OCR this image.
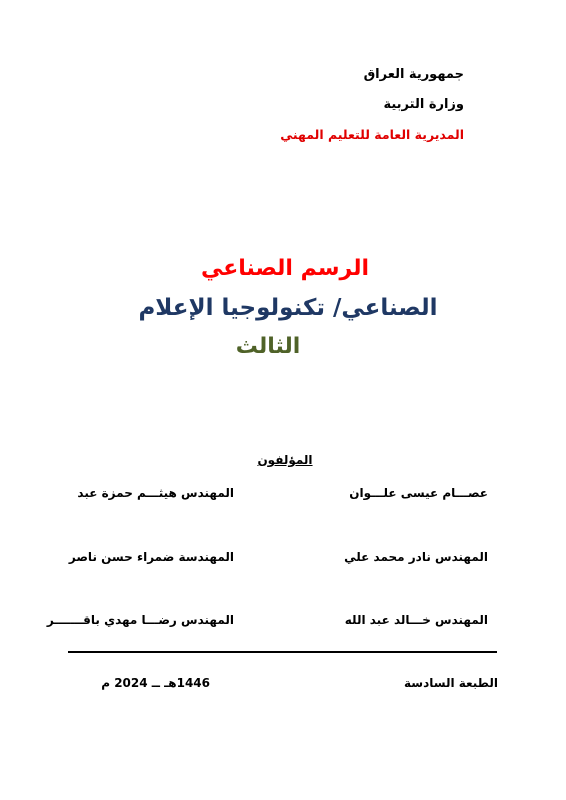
جمهورية العراق
وزارة التربية
المديرية العامة للتعليم المهني
الرسم الصناعي
الصناعي/ تكنولوجيا الإعلام
الثالث
المؤلفون
عصـــام عيسى علـــوان
المهندس هيثـــم حمزة عبد
المهندس نادر محمد علي
المهندسة ضمراء حسن ناصر
المهندس خـــالد عبد الله
المهندس رضـــا مهدي باقـــــــر
الطبعة السادسة
1446هـ ــ 2024 م
